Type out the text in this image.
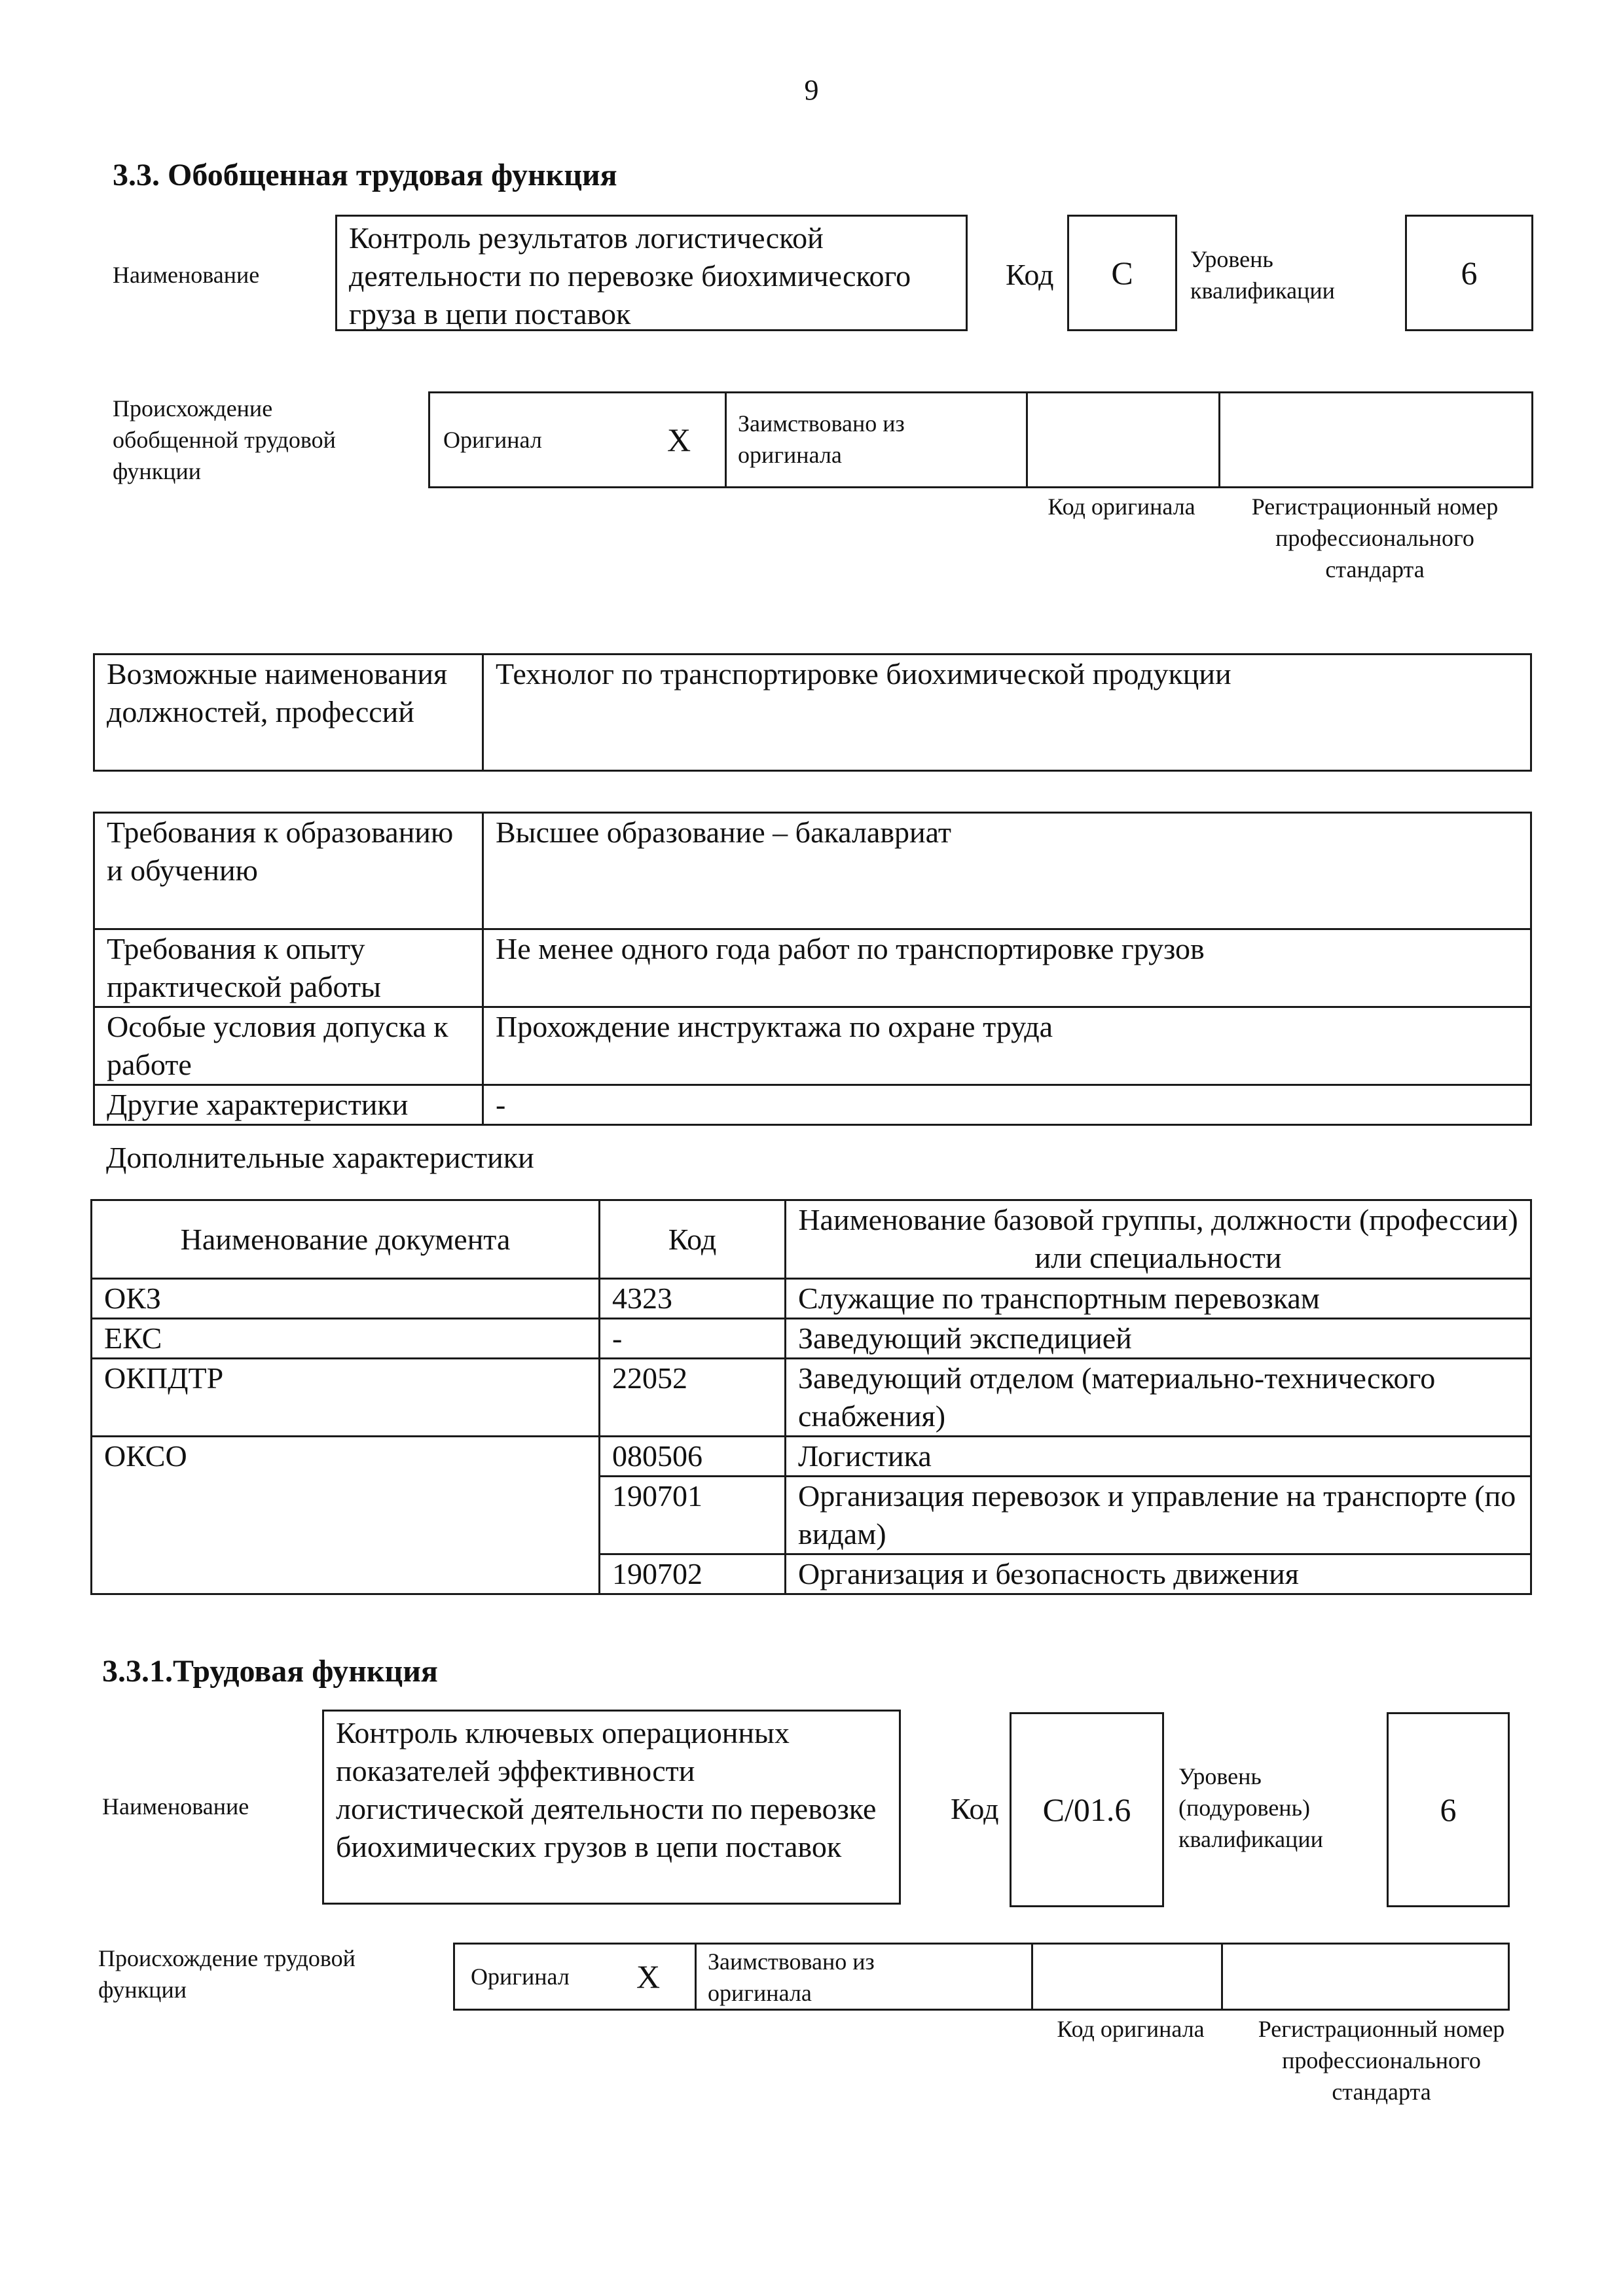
9
3.3. Обобщенная трудовая функция
Наименование
Контроль результатов логистической деятельности по перевозке биохимического груза в цепи поставок
Код C Уровень квалификации	6
Происхождение обобщенной трудовой функции
Оригинал	X	Заимствовано из оригинала
Код оригинала	Регистрационный номер профессионального стандарта
Возможные наименования должностей, профессий	Технолог по транспортировке биохимической продукции
Требования к образованию и обучению	Высшее образование – бакалавриат
Требования к опыту практической работы	Не менее одного года работ по транспортировке грузов
Особые условия допуска к работе	Прохождение инструктажа по охране труда
Другие характеристики	-
Дополнительные характеристики
Наименование документа	Код	Наименование базовой группы, должности (профессии) или специальности
ОКЗ	4323	Служащие по транспортным перевозкам
ЕКС	-	Заведующий экспедицией
ОКПДТР	22052	Заведующий отделом (материально-технического снабжения)
ОКСО	080506	Логистика
	190701	Организация перевозок и управление на транспорте (по видам)
	190702	Организация и безопасность движения
3.3.1.Трудовая функция
Наименование
Контроль ключевых операционных показателей эффективности логистической деятельности по перевозке биохимических грузов в цепи поставок
Код C/01.6
Уровень (подуровень) квалификации
6
Происхождение трудовой функции	Оригинал	X	Заимствовано из оригинала
Код оригинала	Регистрационный номер профессионального стандарта
